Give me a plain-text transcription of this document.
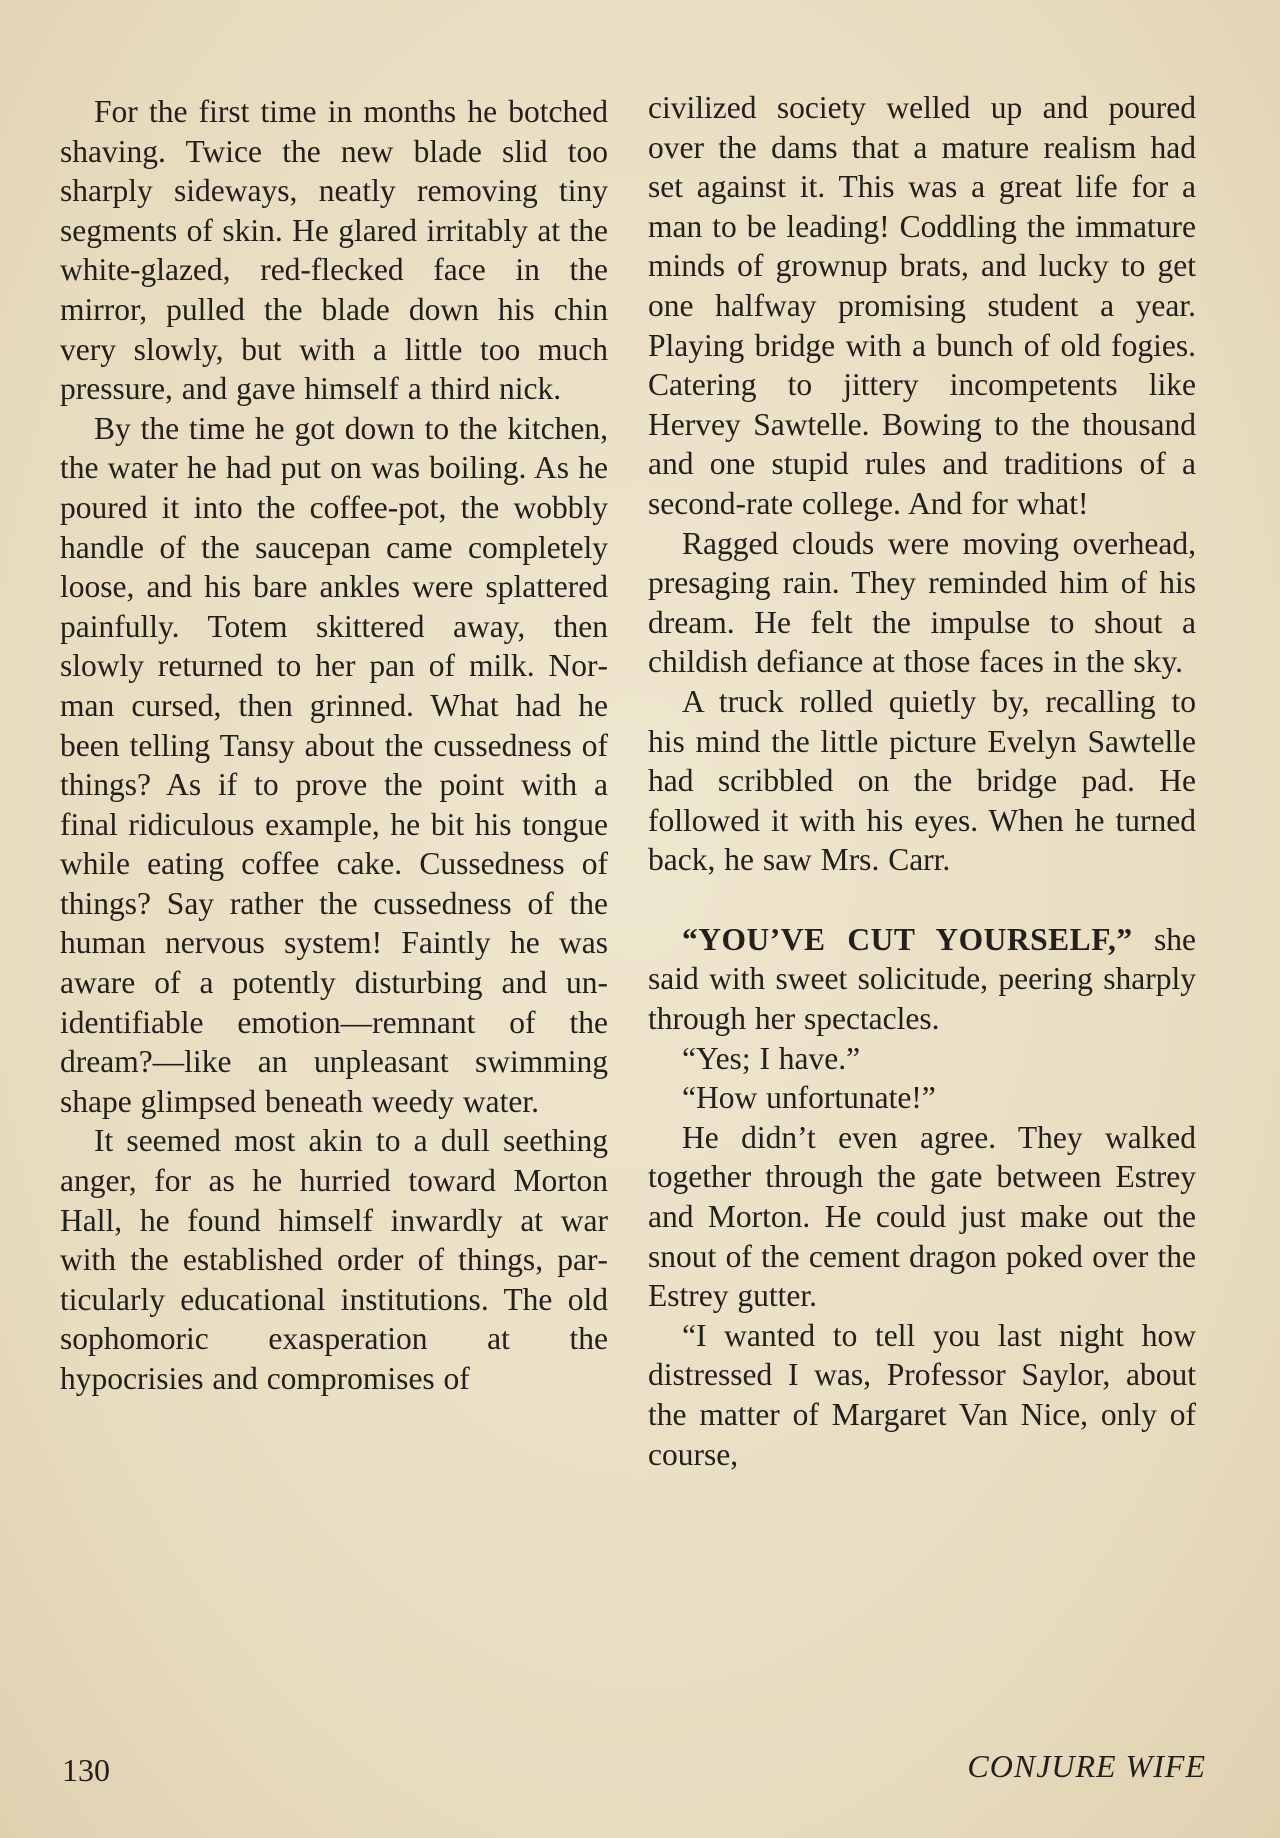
For the first time in months he botched shaving. Twice the new blade slid too sharply sideways, neatly removing tiny segments of skin. He glared irritably at the white-glazed, red-flecked face in the mirror, pulled the blade down his chin very slowly, but with a little too much pressure, and gave himself a third nick.

By the time he got down to the kitchen, the water he had put on was boiling. As he poured it into the coffee-pot, the wobbly handle of the saucepan came completely loose, and his bare ankles were splattered painfully. Totem skittered away, then slowly returned to her pan of milk. Norman cursed, then grinned. What had he been telling Tansy about the cussedness of things? As if to prove the point with a final ridiculous example, he bit his tongue while eating coffee cake. Cussedness of things? Say rather the cussedness of the human nervous system! Faintly he was aware of a potently disturbing and unidentifiable emotion—remnant of the dream?—like an unpleasant swimming shape glimpsed beneath weedy water.

It seemed most akin to a dull seething anger, for as he hurried toward Morton Hall, he found himself inwardly at war with the established order of things, particularly educational institutions. The old sophomoric exasperation at the hypocrisies and compromises of

civilized society welled up and poured over the dams that a mature realism had set against it. This was a great life for a man to be leading! Coddling the immature minds of grownup brats, and lucky to get one halfway promising student a year. Playing bridge with a bunch of old fogies. Catering to jittery incompetents like Hervey Sawtelle. Bowing to the thousand and one stupid rules and traditions of a second-rate college. And for what!

Ragged clouds were moving overhead, presaging rain. They reminded him of his dream. He felt the impulse to shout a childish defiance at those faces in the sky.

A truck rolled quietly by, recalling to his mind the little picture Evelyn Sawtelle had scribbled on the bridge pad. He followed it with his eyes. When he turned back, he saw Mrs. Carr.

“YOU’VE CUT YOURSELF,” she said with sweet solicitude, peering sharply through her spectacles.

“Yes; I have.”

“How unfortunate!”

He didn’t even agree. They walked together through the gate between Estrey and Morton. He could just make out the snout of the cement dragon poked over the Estrey gutter.

“I wanted to tell you last night how distressed I was, Professor Saylor, about the matter of Margaret Van Nice, only of course,

130	CONJURE WIFE
